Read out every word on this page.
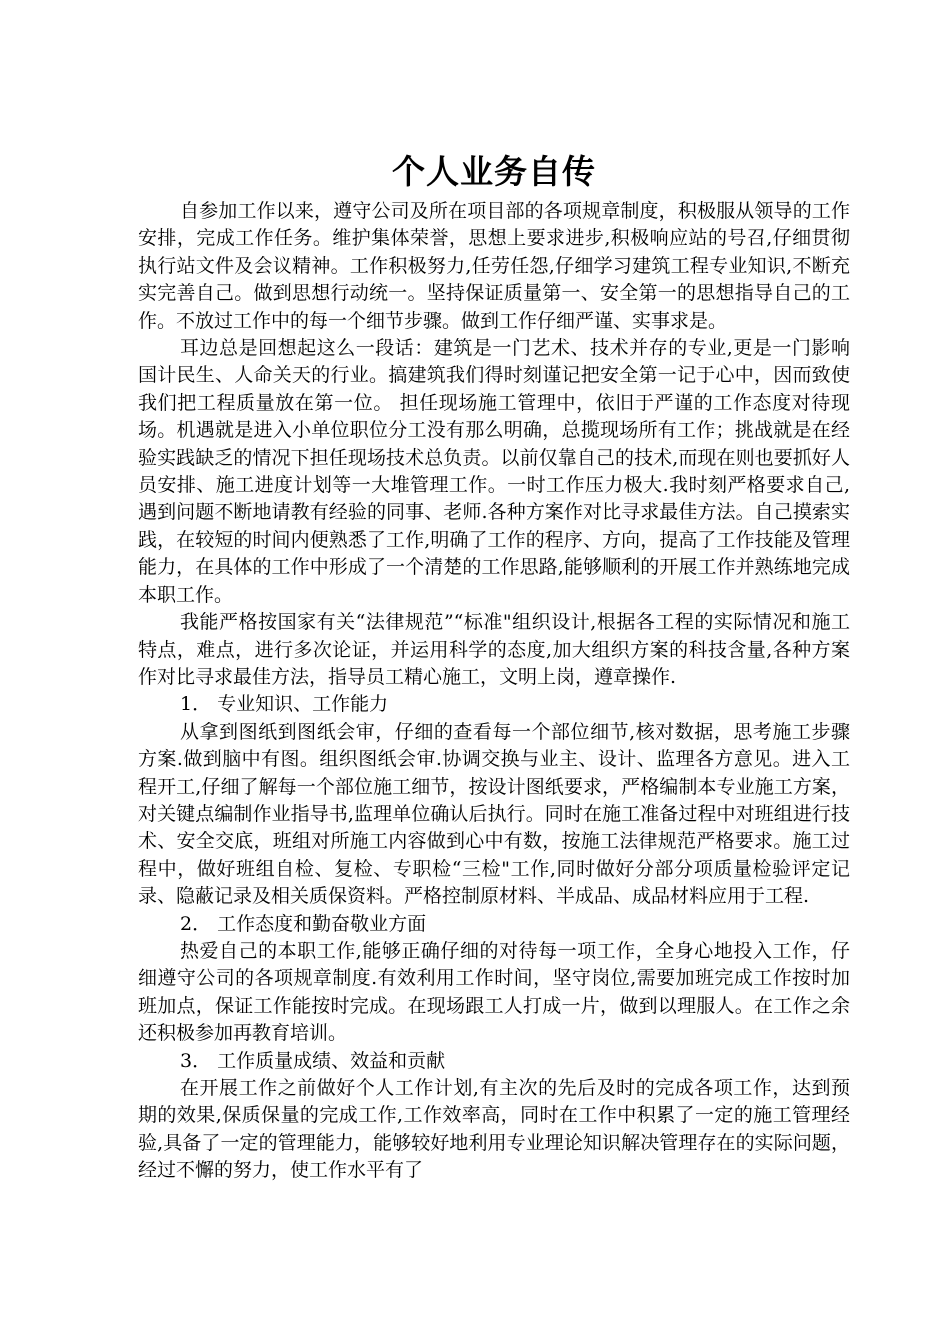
个人业务自传

自参加工作以来，遵守公司及所在项目部的各项规章制度，积极服从领导的工作安排，完成工作任务。维护集体荣誉，思想上要求进步,积极响应站的号召,仔细贯彻执行站文件及会议精神。工作积极努力,任劳任怨,仔细学习建筑工程专业知识,不断充实完善自己。做到思想行动统一。坚持保证质量第一、安全第一的思想指导自己的工作。不放过工作中的每一个细节步骤。做到工作仔细严谨、实事求是。

耳边总是回想起这么一段话：建筑是一门艺术、技术并存的专业,更是一门影响国计民生、人命关天的行业。搞建筑我们得时刻谨记把安全第一记于心中，因而致使我们把工程质量放在第一位。 担任现场施工管理中，依旧于严谨的工作态度对待现场。机遇就是进入小单位职位分工没有那么明确，总揽现场所有工作；挑战就是在经验实践缺乏的情况下担任现场技术总负责。以前仅靠自己的技术,而现在则也要抓好人员安排、施工进度计划等一大堆管理工作。一时工作压力极大.我时刻严格要求自己,遇到问题不断地请教有经验的同事、老师.各种方案作对比寻求最佳方法。自己摸索实践，在较短的时间内便熟悉了工作,明确了工作的程序、方向，提高了工作技能及管理能力，在具体的工作中形成了一个清楚的工作思路,能够顺利的开展工作并熟练地完成本职工作。

我能严格按国家有关“法律规范”“标准"组织设计,根据各工程的实际情况和施工特点，难点，进行多次论证，并运用科学的态度,加大组织方案的科技含量,各种方案作对比寻求最佳方法，指导员工精心施工，文明上岗，遵章操作.

1． 专业知识、工作能力

从拿到图纸到图纸会审，仔细的查看每一个部位细节,核对数据，思考施工步骤方案.做到脑中有图。组织图纸会审.协调交换与业主、设计、监理各方意见。进入工程开工,仔细了解每一个部位施工细节，按设计图纸要求，严格编制本专业施工方案，对关键点编制作业指导书,监理单位确认后执行。同时在施工准备过程中对班组进行技术、安全交底，班组对所施工内容做到心中有数，按施工法律规范严格要求。施工过程中，做好班组自检、复检、专职检“三检"工作,同时做好分部分项质量检验评定记录、隐蔽记录及相关质保资料。严格控制原材料、半成品、成品材料应用于工程.

2． 工作态度和勤奋敬业方面

热爱自己的本职工作,能够正确仔细的对待每一项工作，全身心地投入工作，仔细遵守公司的各项规章制度.有效利用工作时间，坚守岗位,需要加班完成工作按时加班加点，保证工作能按时完成。在现场跟工人打成一片，做到以理服人。在工作之余还积极参加再教育培训。

3． 工作质量成绩、效益和贡献

在开展工作之前做好个人工作计划,有主次的先后及时的完成各项工作，达到预期的效果,保质保量的完成工作,工作效率高，同时在工作中积累了一定的施工管理经验,具备了一定的管理能力，能够较好地利用专业理论知识解决管理存在的实际问题，经过不懈的努力，使工作水平有了
